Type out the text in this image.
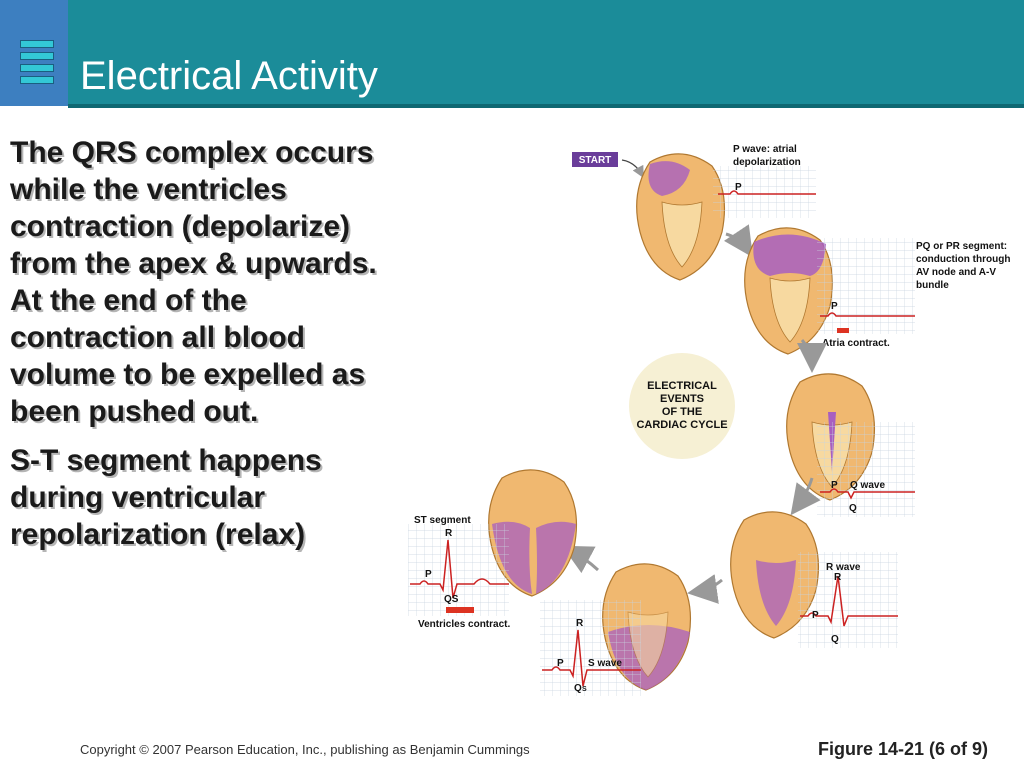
Electrical Activity

The QRS complex occurs while the ventricles contraction (depolarize) from the apex & upwards. At the end of the contraction all blood volume to be expelled as been pushed out.

S-T segment happens during ventricular repolarization (relax)

ELECTRICAL
EVENTS
OF THE
CARDIAC CYCLE
START
P
P wave: atrial
depolarization
P
Atria contract.
PQ or PR segment:
conduction through
AV node and A-V
bundle
P Q wave
Q
R wave
R
P
Q
R
P S wave
Q S
ST segment
R
P
QS
Ventricles contract.
Copyright © 2007 Pearson Education, Inc., publishing as Benjamin Cummings	Figure 14-21 (6 of 9)
